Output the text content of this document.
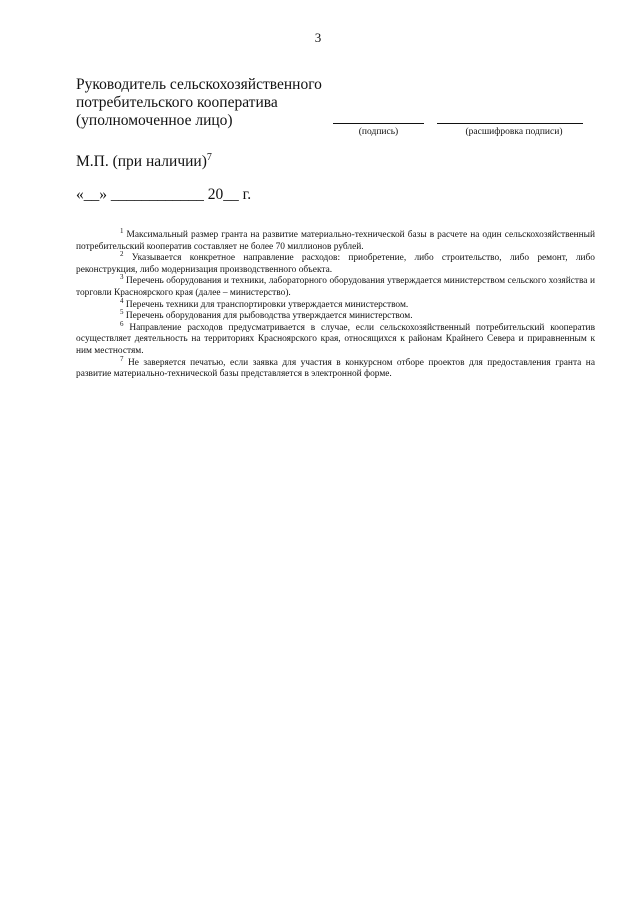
3
Руководитель сельскохозяйственного
потребительского кооператива
(уполномоченное лицо)
(подпись)	(расшифровка подписи)
М.П. (при наличии)$^7$
«__» ____________ 20__ г.

$^1$ Максимальный размер гранта на развитие материально-технической базы в расчете на один сельскохозяйственный потребительский кооператив составляет не более 70 миллионов рублей.

$^2$ Указывается конкретное направление расходов: приобретение, либо строительство, либо ремонт, либо реконструкция, либо модернизация производственного объекта.

$^3$ Перечень оборудования и техники, лабораторного оборудования утверждается министерством сельского хозяйства и торговли Красноярского края (далее – министерство).

$^4$ Перечень техники для транспортировки утверждается министерством.

$^5$ Перечень оборудования для рыбоводства утверждается министерством.

$^6$ Направление расходов предусматривается в случае, если сельскохозяйственный потребительский кооператив осуществляет деятельность на территориях Красноярского края, относящихся к районам Крайнего Севера и приравненным к ним местностям.

$^7$ Не заверяется печатью, если заявка для участия в конкурсном отборе проектов для предоставления гранта на развитие материально-технической базы представляется в электронной форме.
